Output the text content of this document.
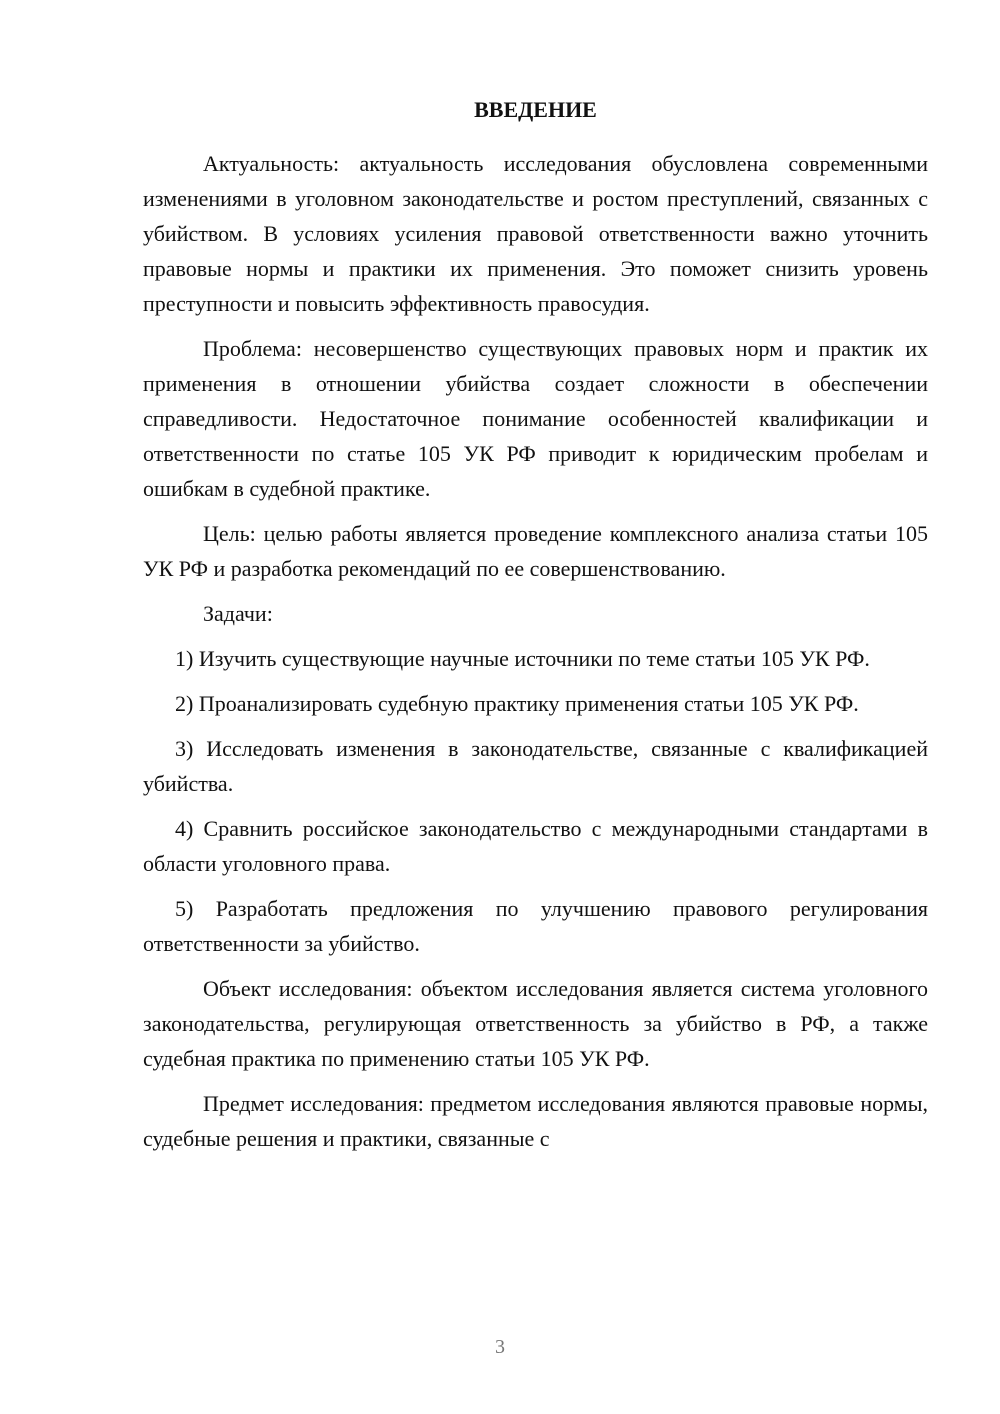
ВВЕДЕНИЕ

Актуальность: актуальность исследования обусловлена современными изменениями в уголовном законодательстве и ростом преступлений, связанных с убийством. В условиях усиления правовой ответственности важно уточнить правовые нормы и практики их применения. Это поможет снизить уровень преступности и повысить эффективность правосудия.

Проблема: несовершенство существующих правовых норм и практик их применения в отношении убийства создает сложности в обеспечении справедливости. Недостаточное понимание особенностей квалификации и ответственности по статье 105 УК РФ приводит к юридическим пробелам и ошибкам в судебной практике.

Цель: целью работы является проведение комплексного анализа статьи 105 УК РФ и разработка рекомендаций по ее совершенствованию.

Задачи:

1) Изучить существующие научные источники по теме статьи 105 УК РФ.

2) Проанализировать судебную практику применения статьи 105 УК РФ.

3) Исследовать изменения в законодательстве, связанные с квалификацией убийства.

4) Сравнить российское законодательство с международными стандартами в области уголовного права.

5) Разработать предложения по улучшению правового регулирования ответственности за убийство.

Объект исследования: объектом исследования является система уголовного законодательства, регулирующая ответственность за убийство в РФ, а также судебная практика по применению статьи 105 УК РФ.

Предмет исследования: предметом исследования являются правовые нормы, судебные решения и практики, связанные с

3
